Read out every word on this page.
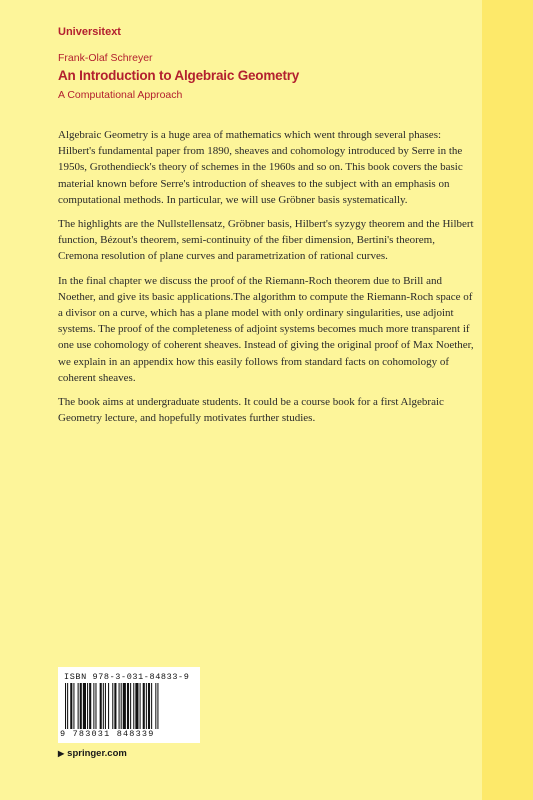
Universitext
Frank-Olaf Schreyer
An Introduction to Algebraic Geometry
A Computational Approach

Algebraic Geometry is a huge area of mathematics which went through several phases: Hilbert's fundamental paper from 1890, sheaves and cohomology introduced by Serre in the 1950s, Grothendieck's theory of schemes in the 1960s and so on. This book covers the basic material known before Serre's introduction of sheaves to the subject with an emphasis on computational methods. In particular, we will use Gröbner basis systematically.

The highlights are the Nullstellensatz, Gröbner basis, Hilbert's syzygy theorem and the Hilbert function, Bézout's theorem, semi-continuity of the fiber dimension, Bertini's theorem, Cremona resolution of plane curves and parametrization of rational curves.

In the final chapter we discuss the proof of the Riemann-Roch theorem due to Brill and Noether, and give its basic applications.The algorithm to compute the Riemann-Roch space of a divisor on a curve, which has a plane model with only ordinary singularities, use adjoint systems. The proof of the completeness of adjoint systems becomes much more transparent if one use cohomology of coherent sheaves. Instead of giving the original proof of Max Noether, we explain in an appendix how this easily follows from standard facts on cohomology of coherent sheaves.

The book aims at undergraduate students. It could be a course book for a first Algebraic Geometry lecture, and hopefully motivates further studies.

ISBN 978-3-031-84833-9
9 783031 848339
▶ springer.com
